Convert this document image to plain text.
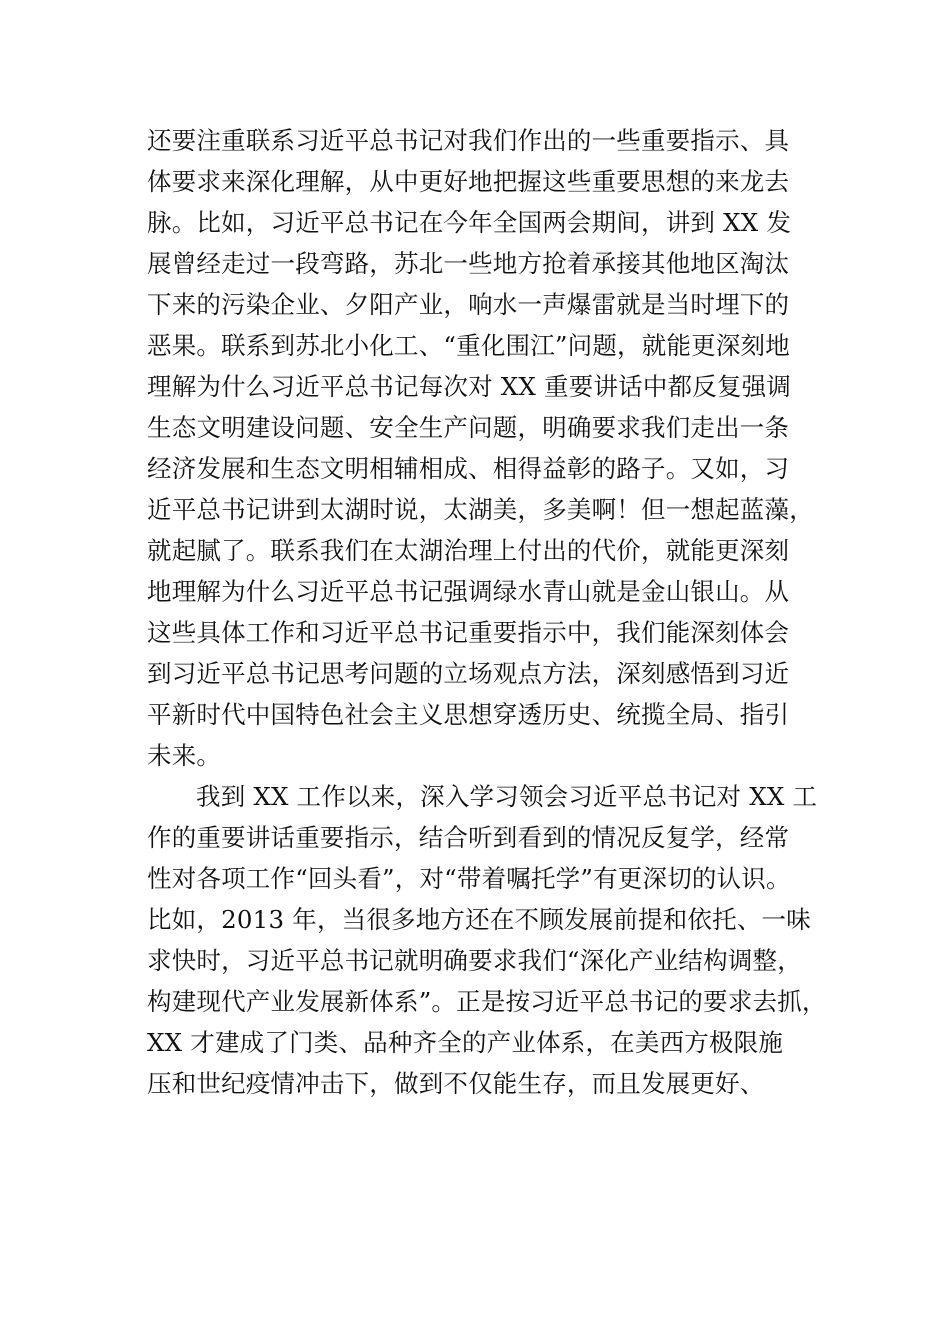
还要注重联系习近平总书记对我们作出的一些重要指示、具
体要求来深化理解，从中更好地把握这些重要思想的来龙去
脉。比如，习近平总书记在今年全国两会期间，讲到 XX 发
展曾经走过一段弯路，苏北一些地方抢着承接其他地区淘汰
下来的污染企业、夕阳产业，响水一声爆雷就是当时埋下的
恶果。联系到苏北小化工、“重化围江”问题，就能更深刻地
理解为什么习近平总书记每次对 XX 重要讲话中都反复强调
生态文明建设问题、安全生产问题，明确要求我们走出一条
经济发展和生态文明相辅相成、相得益彰的路子。又如，习
近平总书记讲到太湖时说，太湖美，多美啊！但一想起蓝藻，
就起腻了。联系我们在太湖治理上付出的代价，就能更深刻
地理解为什么习近平总书记强调绿水青山就是金山银山。从
这些具体工作和习近平总书记重要指示中，我们能深刻体会
到习近平总书记思考问题的立场观点方法，深刻感悟到习近
平新时代中国特色社会主义思想穿透历史、统揽全局、指引
未来。
我到 XX 工作以来，深入学习领会习近平总书记对 XX 工
作的重要讲话重要指示，结合听到看到的情况反复学，经常
性对各项工作“回头看”，对“带着嘱托学”有更深切的认识。
比如，2013 年，当很多地方还在不顾发展前提和依托、一味
求快时，习近平总书记就明确要求我们“深化产业结构调整，
构建现代产业发展新体系”。正是按习近平总书记的要求去抓，
XX 才建成了门类、品种齐全的产业体系，在美西方极限施
压和世纪疫情冲击下，做到不仅能生存，而且发展更好、
